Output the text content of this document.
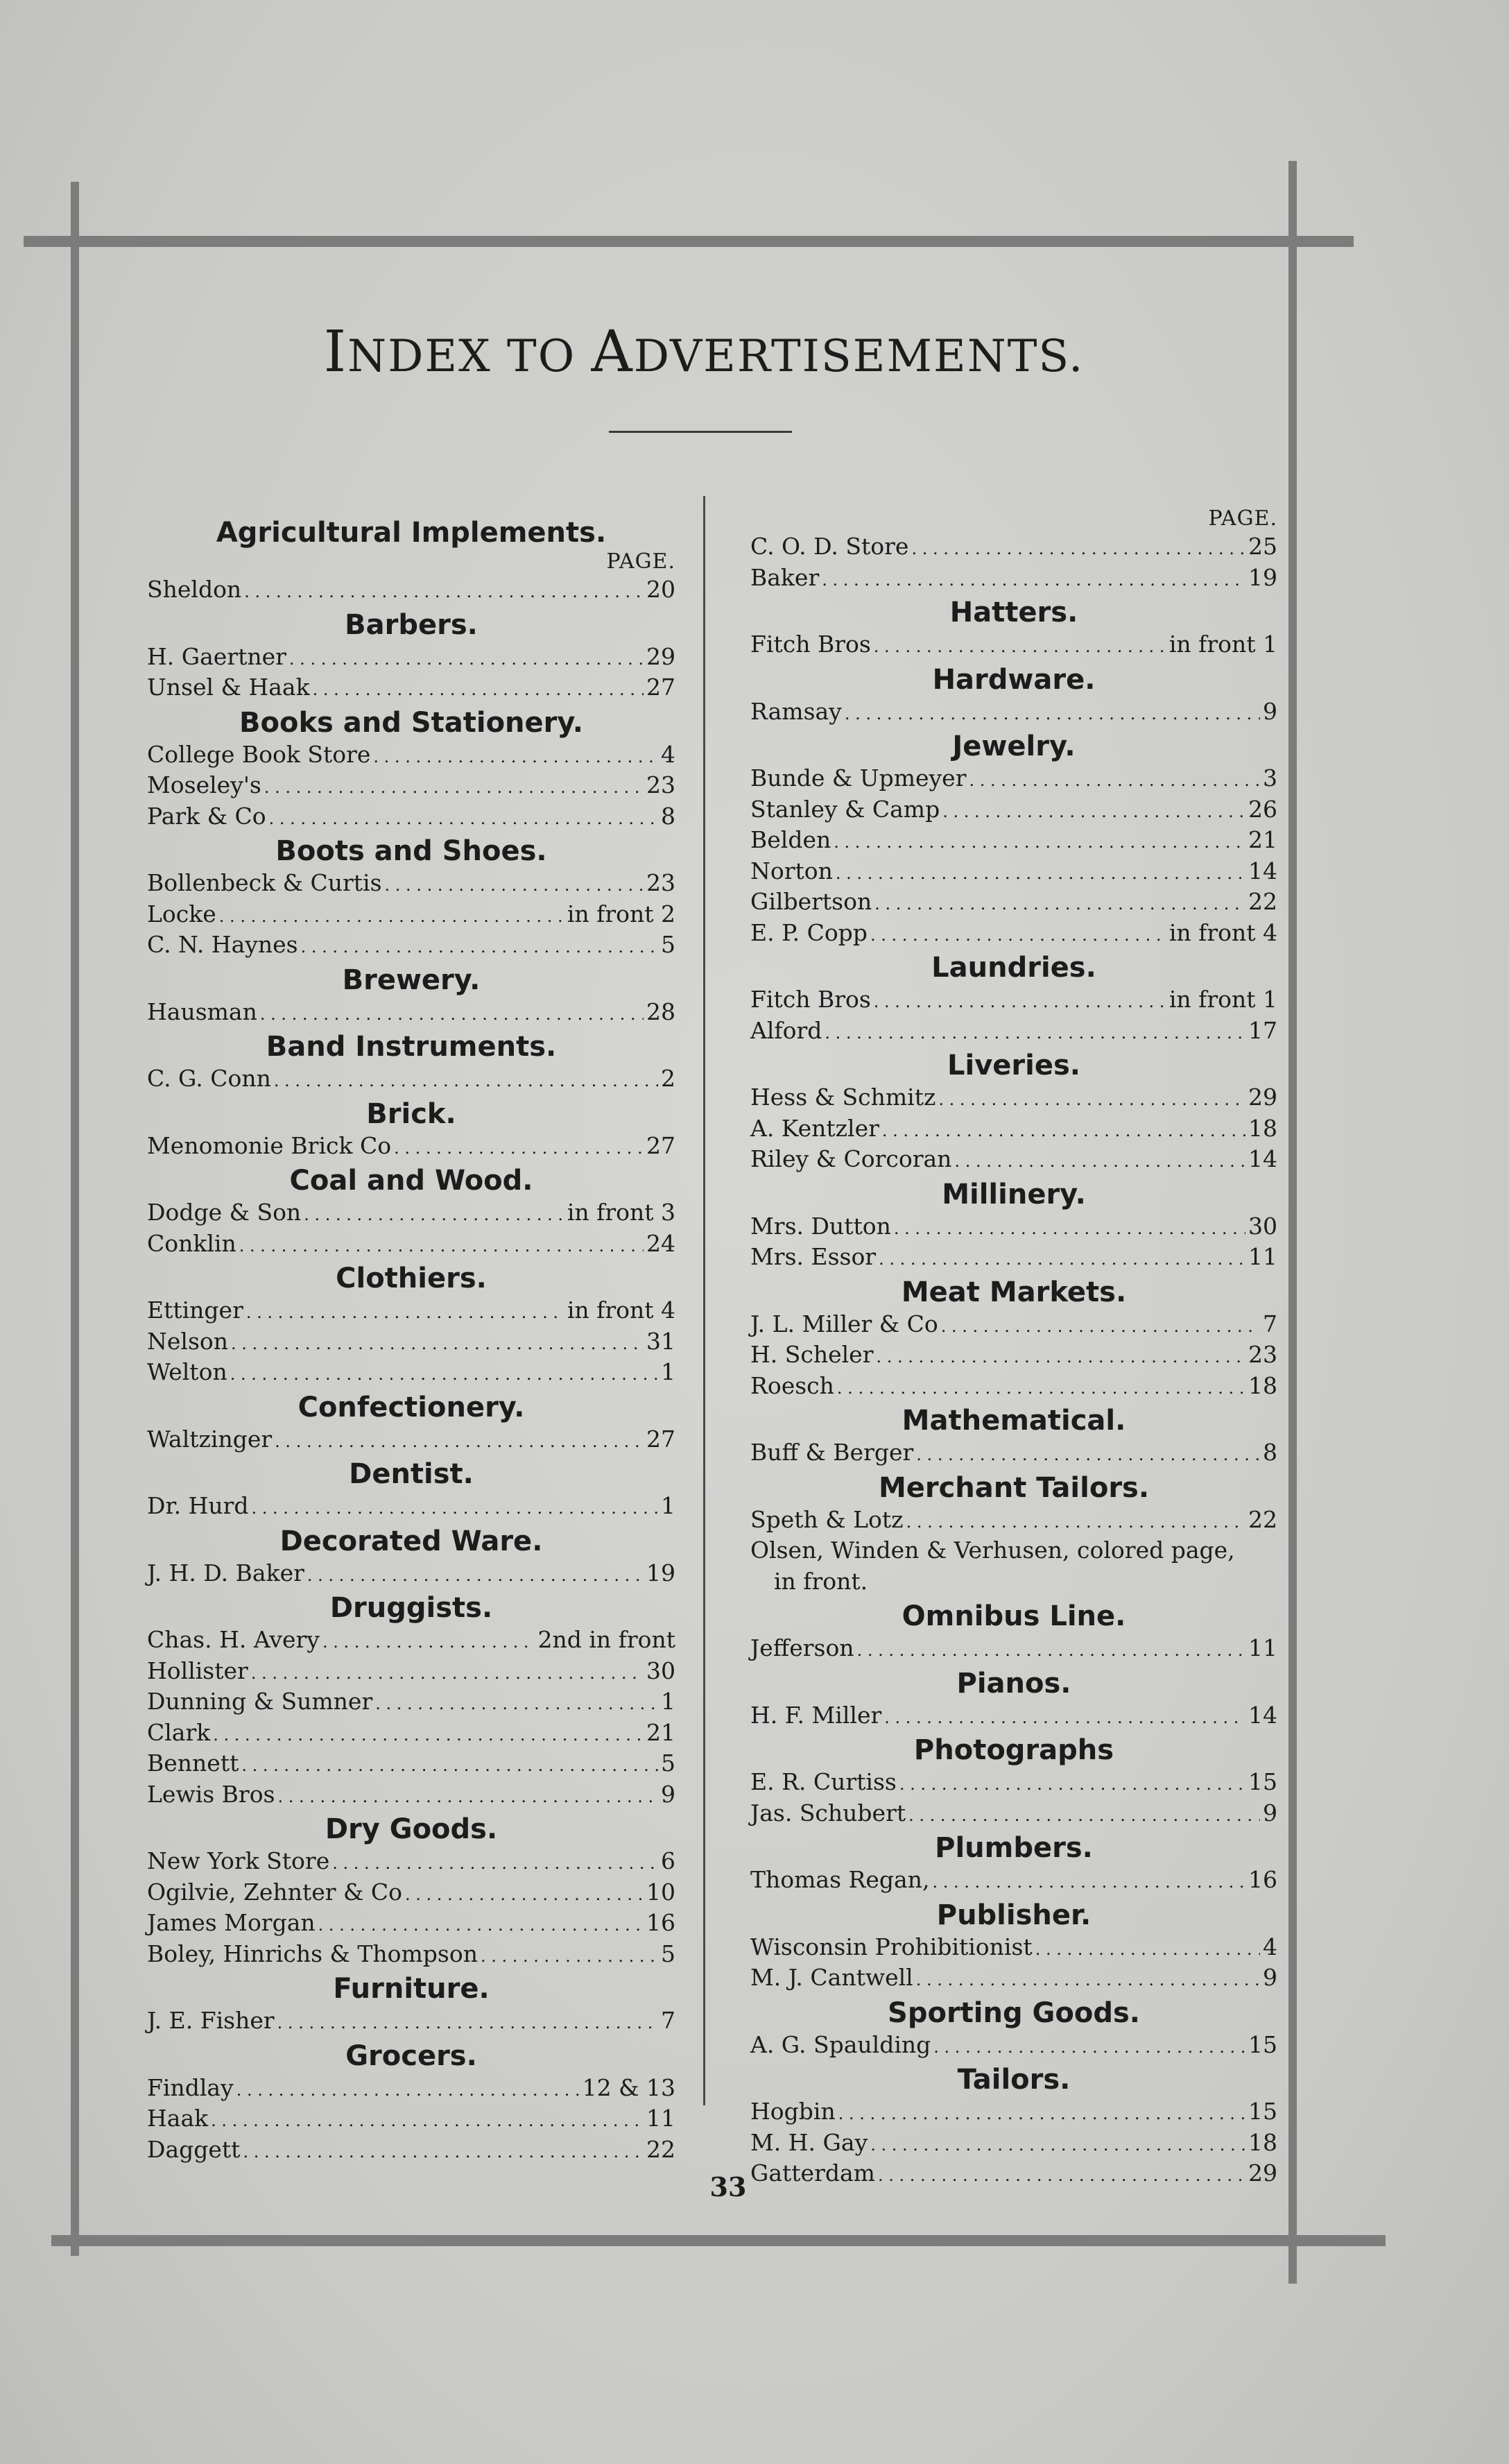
INDEX TO ADVERTISEMENTS.
Agricultural Implements.
PAGE.
Sheldon . . .	20
Barbers.
H. Gaertner . . .	29
Unsel & Haak . . .	27
Books and Stationery.
College Book Store . . .	4
Moseley's . . .	23
Park & Co . . .	8
Boots and Shoes.
Bollenbeck & Curtis . . .	23
Locke . . .	in front 2
C. N. Haynes . . .	5
Brewery.
Hausman . . .	28
Band Instruments.
C. G. Conn . . .	2
Brick.
Menomonie Brick Co . . .	27
Coal and Wood.
Dodge & Son . . .	in front 3
Conklin . . .	24
Clothiers.
Ettinger . . .	in front 4
Nelson . . .	31
Welton . . .	1
Confectionery.
Waltzinger . . .	27
Dentist.
Dr. Hurd . . .	1
Decorated Ware.
J. H. D. Baker . . .	19
Druggists.
Chas. H. Avery . . .	2nd in front
Hollister . . .	30
Dunning & Sumner . . .	1
Clark . . .	21
Bennett . . .	5
Lewis Bros . . .	9
Dry Goods.
New York Store . . .	6
Ogilvie, Zehnter & Co . . .	10
James Morgan . . .	16
Boley, Hinrichs & Thompson . . .	5
Furniture.
J. E. Fisher . . .	7
Grocers.
Findlay . . .	12 & 13
Haak . . .	11
Daggett . . .	22
PAGE.
C. O. D. Store . . .	25
Baker . . .	19
Hatters.
Fitch Bros . . .	in front 1
Hardware.
Ramsay . . .	9
Jewelry.
Bunde & Upmeyer . . .	3
Stanley & Camp . . .	26
Belden . . .	21
Norton . . .	14
Gilbertson . . .	22
E. P. Copp . . .	in front 4
Laundries.
Fitch Bros . . .	in front 1
Alford . . .	17
Liveries.
Hess & Schmitz . . .	29
A. Kentzler . . .	18
Riley & Corcoran . . .	14
Millinery.
Mrs. Dutton . . .	30
Mrs. Essor . . .	11
Meat Markets.
J. L. Miller & Co . . .	7
H. Scheler . . .	23
Roesch . . .	18
Mathematical.
Buff & Berger . . .	8
Merchant Tailors.
Speth & Lotz . . .	22
Olsen, Winden & Verhusen, colored page,
in front.
Omnibus Line.
Jefferson . . .	11
Pianos.
H. F. Miller . . .	14
Photographs
E. R. Curtiss . . .	15
Jas. Schubert . . .	9
Plumbers.
Thomas Regan, . . .	16
Publisher.
Wisconsin Prohibitionist . . .	4
M. J. Cantwell . . .	9
Sporting Goods.
A. G. Spaulding . . .	15
Tailors.
Hogbin . . .	15
M. H. Gay . . .	18
Gatterdam . . .	29
33
